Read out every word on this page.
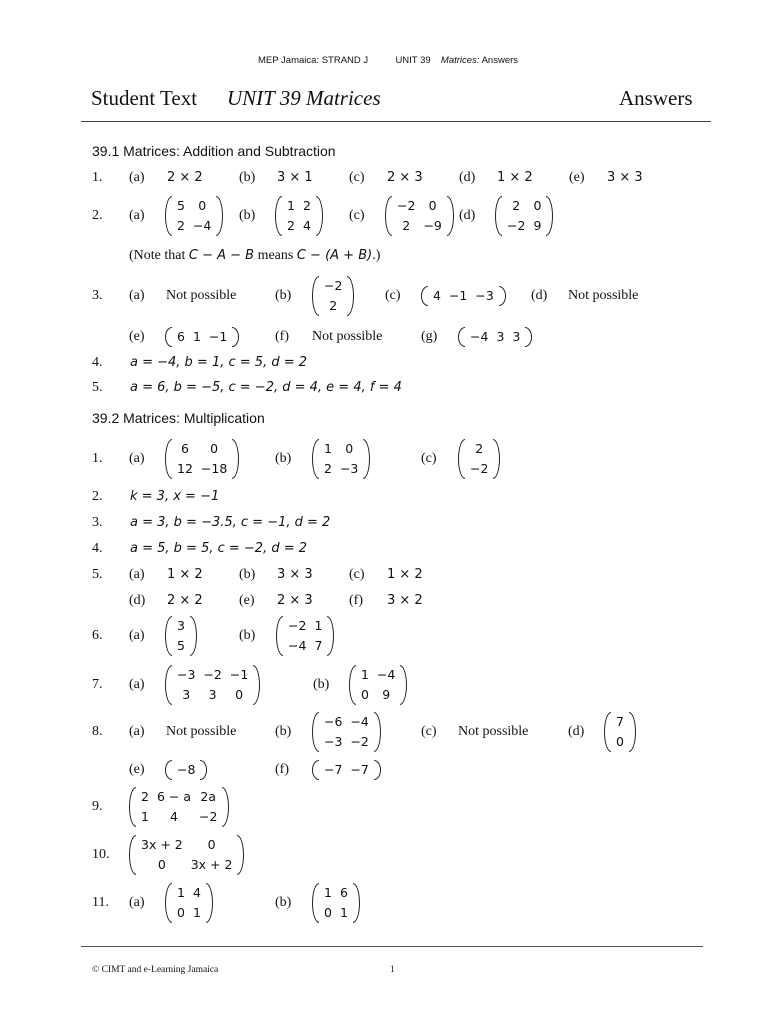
MEP Jamaica: STRAND J	UNIT 39 Matrices: Answers
Student Text UNIT 39 Matrices	Answers
39.1 Matrices: Addition and Subtraction
1. (a) 2 × 2	(b) 3 × 1	(c) 2 × 3	(d) 1 × 2	(e) 3 × 3
2. (a)
5	0
2	−4
(b)
1	2
2	4
(c)
−2	0
2	−9
(d)
2	0
−2	9
(Note that C − A − B means C − (A + B).)
3. (a) Not possible	(b)
−2
2
(c)	4	−1	−3	(d) Not possible
(e)	6	1	−1	(f) Not possible	(g)	−4	3	3
4. a = −4, b = 1, c = 5, d = 2
5. a = 6, b = −5, c = −2, d = 4, e = 4, f = 4
39.2 Matrices: Multiplication
1. (a)
6	0
12	−18
(b)
1	0
2	−3
(c)
2
−2
2. k = 3, x = −1
3. a = 3, b = −3.5, c = −1, d = 2
4. a = 5, b = 5, c = −2, d = 2
5. (a) 1 × 2	(b) 3 × 3	(c) 1 × 2
(d) 2 × 2	(e) 2 × 3	(f) 3 × 2
6. (a)
3
5
(b)
−2	1
−4	7
7. (a)
−3	−2	−1
3	3	0
(b)
1	−4
0	9
8. (a) Not possible	(b)
−6	−4
−3	−2
(c) Not possible	(d)
7
0
(e)	−8	(f)	−7	−7
9.
2	6 − a	2a
1	4	−2
10.
3x + 2	0
0	3x + 2
11. (a)
1	4
0	1
(b)
1	6
0	1
© CIMT and e-Learning Jamaica	1
